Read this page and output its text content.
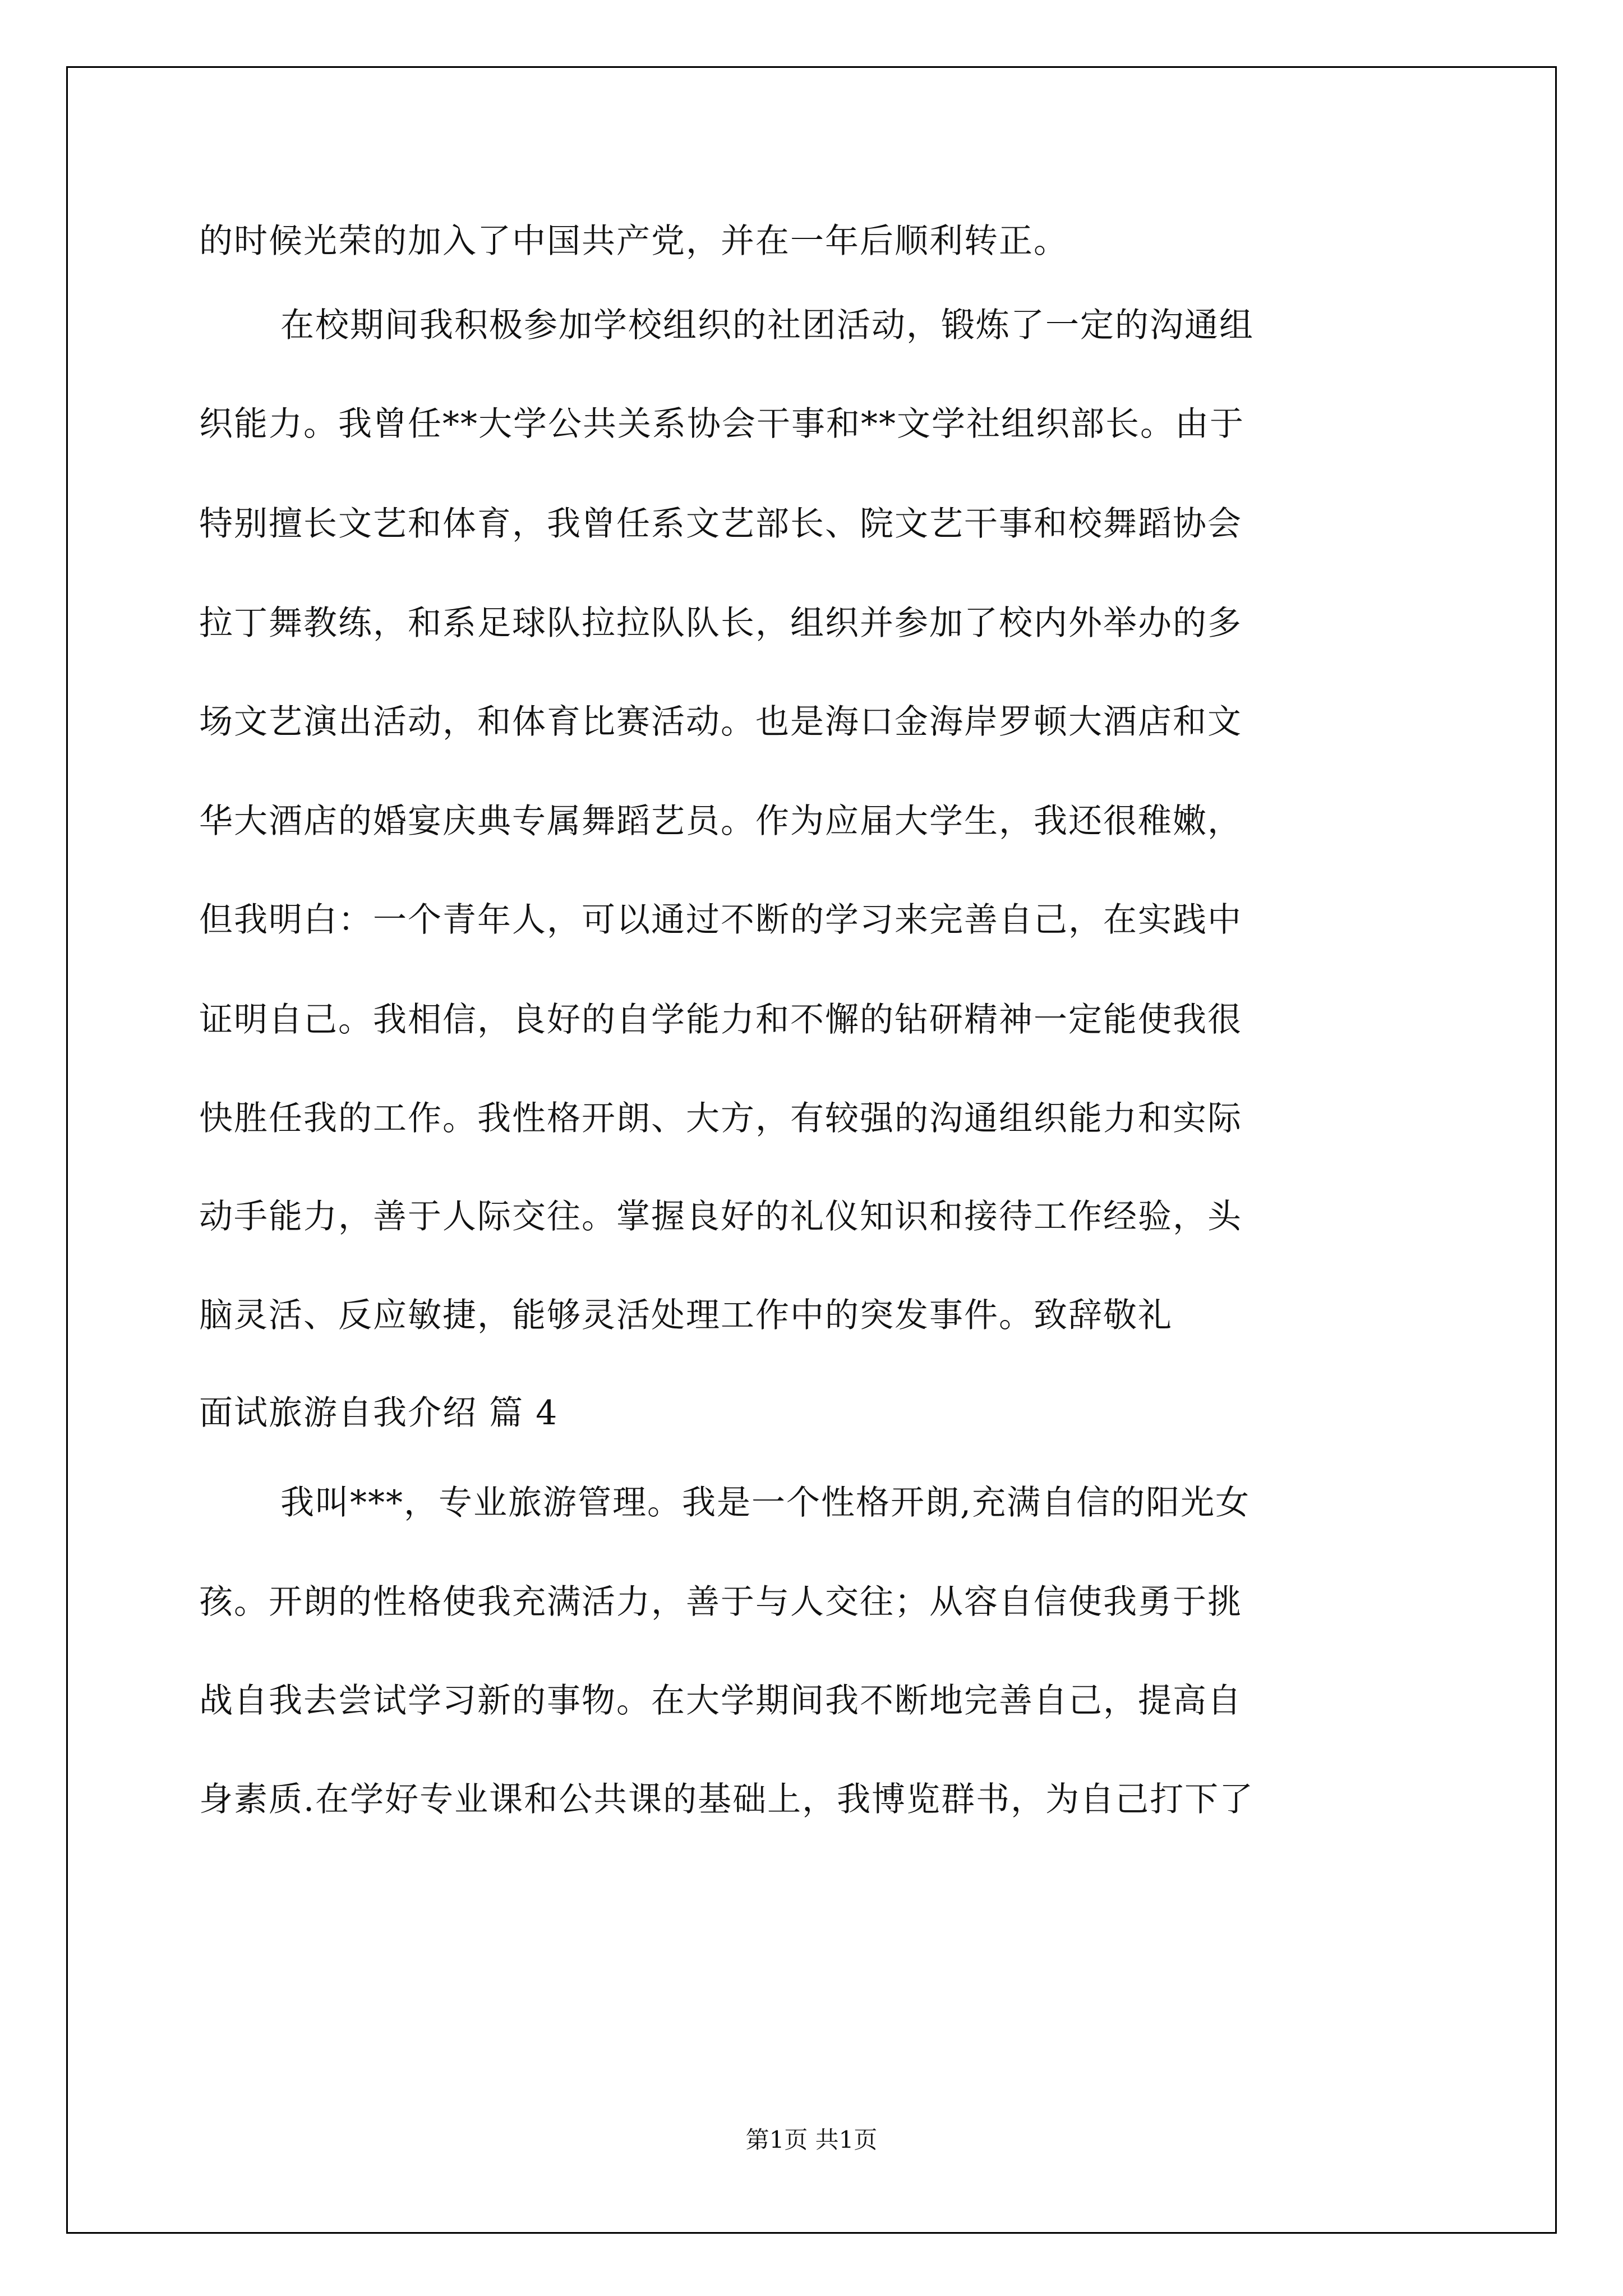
的时候光荣的加入了中国共产党，并在一年后顺利转正。
在校期间我积极参加学校组织的社团活动，锻炼了一定的沟通组
织能力。我曾任**大学公共关系协会干事和**文学社组织部长。由于
特别擅长文艺和体育，我曾任系文艺部长、院文艺干事和校舞蹈协会
拉丁舞教练，和系足球队拉拉队队长，组织并参加了校内外举办的多
场文艺演出活动，和体育比赛活动。也是海口金海岸罗顿大酒店和文
华大酒店的婚宴庆典专属舞蹈艺员。作为应届大学生，我还很稚嫩，
但我明白：一个青年人，可以通过不断的学习来完善自己，在实践中
证明自己。我相信，良好的自学能力和不懈的钻研精神一定能使我很
快胜任我的工作。我性格开朗、大方，有较强的沟通组织能力和实际
动手能力，善于人际交往。掌握良好的礼仪知识和接待工作经验，头
脑灵活、反应敏捷，能够灵活处理工作中的突发事件。致辞敬礼
面试旅游自我介绍 篇 4
我叫***，专业旅游管理。我是一个性格开朗,充满自信的阳光女
孩。开朗的性格使我充满活力，善于与人交往；从容自信使我勇于挑
战自我去尝试学习新的事物。在大学期间我不断地完善自己，提高自
身素质.在学好专业课和公共课的基础上，我博览群书，为自己打下了
第1页 共1页
